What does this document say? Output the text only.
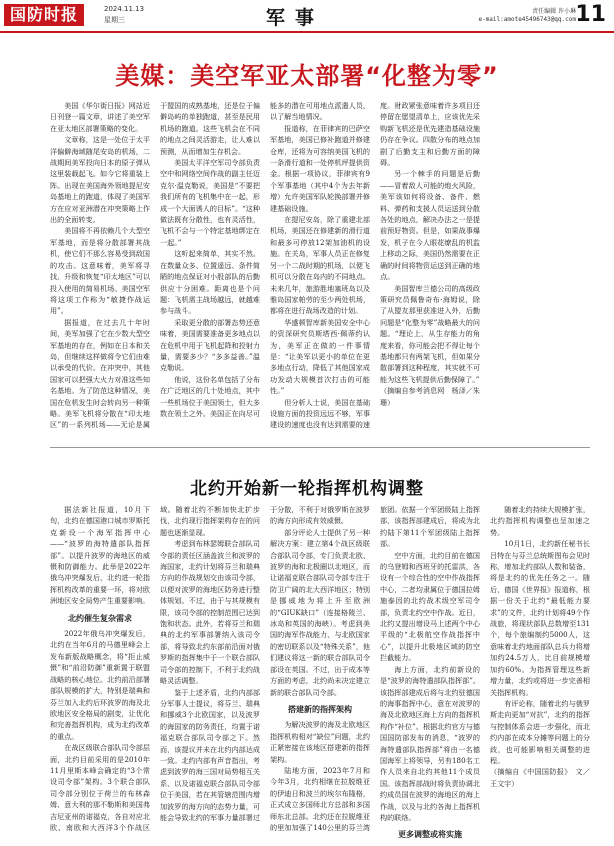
国防时报	2024.11.13
星期三	军事	责任编辑 许小琳
e-mail:amote45496743@qq.com 11
美媒：美空军亚太部署“化整为零”

美国《华尔街日报》网站近日刊登一篇文章，讲述了美空军在亚太地区部署策略的变化。

文章称，这是一处位于太平洋偏僻海域随尾安岛的机场，二战期间美军投向日本的原子弹从这里装载起飞。如今它将重装上阵。出现在美国海外领地提尼安岛基地上的跑道，体现了美国军方在应对亚洲潜在冲突策略上作出的全面转变。

美国将不再依赖几个大型空军基地，而是将分散部署其战机，使它们不那么容易受到敌国的攻击。这意味着，美军将寻找、升级和恢复“印太地区”可以投入使用的简易机场。美国空军将这项工作称为“敏捷作战运用”。

据报道，在过去几十年时间，美军加强了它在少数大型空军基地的存在，例如在日本和关岛，但继续这样做将令它们由难以承受的代价。在冲突中，其他国家可以把强大火力对准这些知名基地。为了防范这种情况，美国在危机发生时会转向另一种策略。美军飞机将分散在“印太地区”的一系列机场——无论是属于盟国的成熟基地，还是位于偏僻岛屿的单独跑道，甚至是民用机场的跑道。这些飞机会在不同的地点之间灵活游走，让人难以预测，从而增加生存机会。

美国太平洋空军司令部负责空中和网络空间作战的副主任迈克尔·温克勒说，美国是“不要把我们所有的飞机集中在一起，形成一个大面诱人的目标”。“这种做法既有分散性，也有灵活性，飞机不会与一个特定基地绑定在一起。”

这听起来简单，其实不然。在数量众多、位置遥远、条件简陋的地点保证对小股部队的后勤供应十分困难。距离也是个问题：飞机需主战场越远，就越难参与战斗。

采取更分散的部署态势还意味着，美国需要准备更多地点以在危机中用于飞机起降和投射力量，需要多少？“多多益善。”温克勒说。

他说，这份名单包括了分布在广泛地区的几十处地点，其中一些机场位于美国领土，但大多数在领土之外。美国正在向尽可能多的潜在可用地点派遣人员，以了解当地情况。

报道称，在菲律宾的巴萨空军基地，美国已修补跑道并修建仓库，还将为可容纳美国飞机的一条滑行道和一处停机坪提供资金。根据一项协议，菲律宾有9个军事基地（其中4个为去年新增）允许美国军队轮换部署并修建基础设施。

在提尼安岛，除了重建北部机场，美国还在修建新的滑行道和最多可停放12架加油机的设施。在关岛，军事人员正在修复另一个二战时期的机场，以便飞机可以分散在岛内的不同地点。未来几年，旅游胜地塞班岛以及雅岛国家帕劳的至少两处机场，都将在进行战场改造的计划。

华盛顿智库新美国安全中心的资深研究员斯塔西·佩蒂约认为，美军正在做的一件事情是：“让美军以更小的单位在更多地点行动，降低了其他国家成功发动大规模首次打击的可能性。”

但分析人士说，美国在基础设施方面的投资远远不够，军事建设的速度也没有达到需要的速度。财政紧张意味着许多项目还停留在愿望清单上，应该优先采购新飞机还是优先建造基础设施仍存在争议。四散分布的地点加剧了后勤支主和后勤方面的障碍。

另一个棘手的问题是后勤——冒着敌人可能的炮火风险，美军该如何将设备、备件、燃料、弹药和支援人员运送到分散各处的地点，解决办法之一是提前预好物资。但是，如果战事爆发，机子在今人眼花缭乱的机监上移动之际，美国仍然需要在正确的时间将物资运送到正确的地点。

美国智库兰德公司的高级政策研究员佩鲁奇布·海姆说，除了从盟友那里获准进入外，后勤问题是“化整为零”战略最大的问题。“理论上，从生存能力的角度来看，你可能会把不得让每个基地都只有两架飞机，但如果分散部署到这种程度，其实就不可能为这些飞机提供后勤保障了。”

（摘编自参考消息网　杨泽／朱珊）

北约开始新一轮指挥机构调整

据法新社报道，10月下旬，北约在德国港口城市罗斯托克新设一个海军指挥中心——“波罗的海特遣部队指挥部”。以提升波罗的海地区的威慑和防御能力。此举是2022年俄乌冲突爆发后，北约进一轮指挥机构改革的重要一环，将对欧洲地区安全局势产生重要影响。

北约催生复杂需求

2022年俄乌冲突爆发后，北约在当年6月的马德里峰会上发布新版战略概念，将“拒止威慑”和“前沿防御”重新置于联盟战略的核心地位。北约前沿部署部队规模的扩大，特别是瑞典和芬兰加入北约后环波罗的海及北欧地区安全格局的剧变，让优化和完善指挥机构，成为北约改革的重点。

在战区级联合部队司令部层面，北约目前采用的是2010年11月里斯本峰会确定的“3个常设司令部”架构。3个联合部队司令部分别位于荷兰的布林森姆、意大利的那不勒斯和美国弗吉尼亚州的诺福克，各自对应北欧、南欧和大西洋3个作战区域。随着北约不断加快北扩步伐，北约现行指挥架构存在的问题也逐渐显现。

考虑到布林瑟姆联合部队司令部的责任区涵盖波兰和波罗的海国家，北约计划将芬兰和瑞典方向的作战规划交由该司令部，以便对波罗的海地区防务进行整体规划。不过，由于与其规模有限，该司令部的控制范围已达到饱和状态。此外，若将芬兰和瑞典的北约军事部署纳入该司令部，将导致北约东部前沿面对俄罗斯的指挥集中于一个联合部队司令部的控制下，不利于北约战略灵活调整。

鉴于上述矛盾，北约内部部分军事人士提议，将芬兰、瑞典和挪威3个北欧国家，以及波罗的海国家的防务责任，均置于诺福克联合部队司令部之下。然而，该提议并未在北约内部达成一致。北约内部有声音指出，考虑到波罗的海三国对局势相互关系、以及诺福克联合部队司令部位于美国，若在其管辖范围内增加波罗的海方向的态势力量，可能会导致北约的军事力量部署过于分散，不利于对俄罗斯在波罗的海方向形成有效威慑。

部分评论人士提供了另一种解决方案：建立第4个战区级联合部队司令部，专门负责北欧、波罗的海和北极圈以北地区，而让诺福克联合部队司令部专注于防卫广阔的北大西洋地区；特别是挪威地为将上升至欧洲的“GIUK缺口”（连接格陵兰、冰岛和英国的海峡）。考虑到美国的海军作战能力、与北欧国家的密切联系以及“特殊关系”，他们建议将这一新的联合部队司令部设在英国。不过，出于成本等方面的考虑，北约尚未决定建立新的联合部队司令部。

搭建新的指挥架构

为解决波罗的海及北欧地区指挥机构相对“缺位”问题，北约正紧密接在该地区搭建新的指挥架构。

陆地方面，2023年7月和今年3月，北约相继在拉脱维亚的伊迪日和波兰的埃尔布隆格，正式成立多国师北方总部和多国师东北总部。北约还在拉脱维亚的里加加强了140公里的芬兰湾旅团。依据一个军团级陆上指挥部，该指挥部建成后，将成为北约陆下第11个军团级陆上指挥部。

空中方面，北约目前在德国的乌登姆和西班牙的托雷洪，各设有一个综合性的空中作战指挥中心，二者均隶属位于德国拉姆施泰因的北约战术级空军司令部，负责北约空中作战。近日，北约又提出增设马上述两个中心平级的“北极航空作战指挥中心”，以提升北极地区域的防空拦截能力。

海上方面，北约前新设的是“波罗的海特遣部队指挥部”。该指挥部建成后将与北约驻德国的海事指挥中心，意在对波罗的海及北欧地区海上方向的指挥机构作“补位”。根据北约官方与德国国防部发布的消息，“波罗的海特遣部队指挥部”将由一名德国海军上将领导，另有180名工作人员来自北约其他11个成员国。该指挥部战时将负责协调北约成员国在波罗的海地区的海上作战，以及与北约各海上指挥机构的联络。

更多调整或将实施

随着北约持续大规模扩张，北约指挥机构调整也呈加速之势。

10月1日，北约新任秘书长吕特在与芬兰总统斯图布会见时称，增加北约部队人数和装备，将是北约的优先任务之一。随后，德国《世界报》报道称，根据一份关于北约“最低能力要求”的文件，北约计划将49个作战旅，将现状部队总数增至131个，每个旅编制约5000人，这意味着北约地面部队总兵力将增加约24.5万人，比目前规模增加约60%。为指挥管理这些新增力量，北约或将进一步完善相关指挥机构。

有评论称，随着北约与俄罗斯走向更加“对抗”，北约的指挥与控制体系会进一步强化，而北约内部在成本分摊等问题上的分歧，也可能影响相关调整的进程。

（摘编自《中国国防报》　文／王文宇）
